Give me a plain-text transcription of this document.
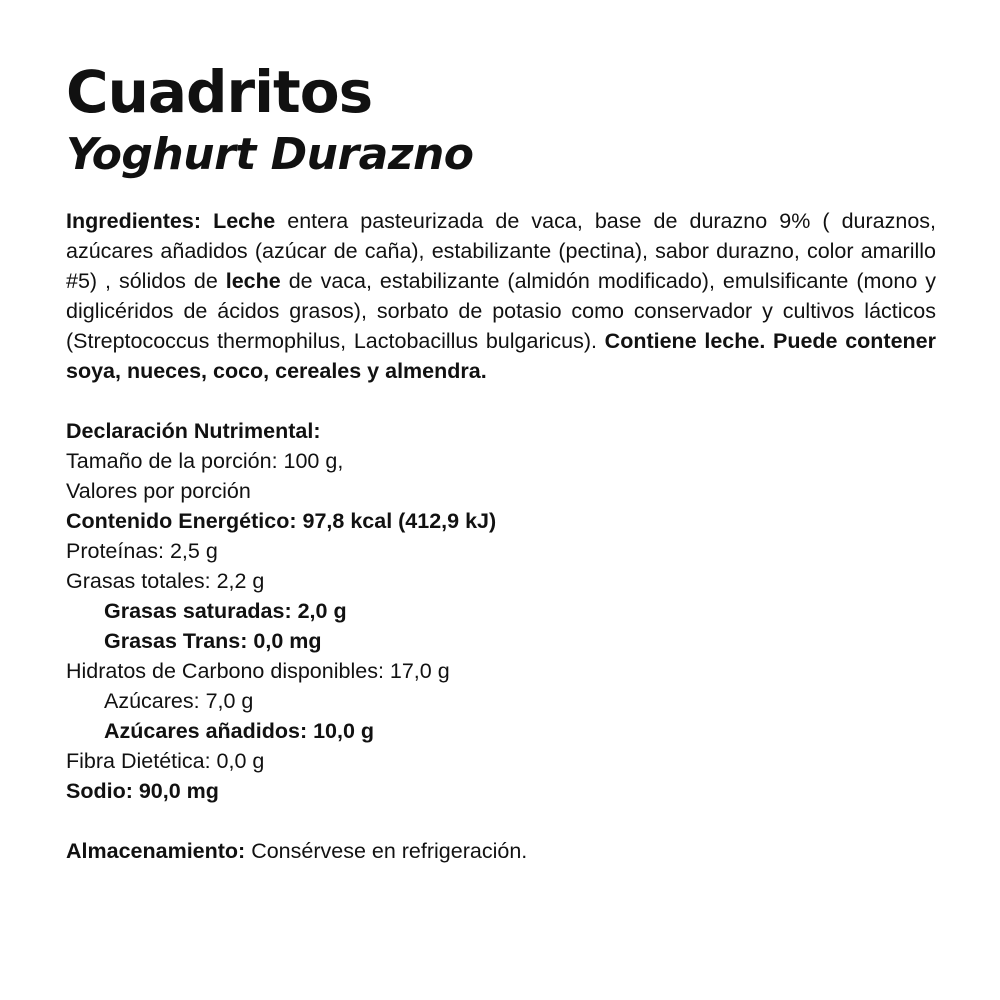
Cuadritos
Yoghurt Durazno
Ingredientes: Leche entera pasteurizada de vaca, base de durazno 9% ( duraznos, azúcares añadidos (azúcar de caña), estabilizante (pectina), sabor durazno, color amarillo #5) , sólidos de leche de vaca, estabilizante (almidón modificado), emulsificante (mono y diglicéridos de ácidos grasos), sorbato de potasio como conservador y cultivos lácticos (Streptococcus thermophilus, Lactobacillus bulgaricus). Contiene leche. Puede contener soya, nueces, coco, cereales y almendra.
Declaración Nutrimental:
Tamaño de la porción: 100 g,
Valores por porción
Contenido Energético: 97,8 kcal (412,9 kJ)
Proteínas: 2,5 g
Grasas totales: 2,2 g
Grasas saturadas: 2,0 g
Grasas Trans: 0,0 mg
Hidratos de Carbono disponibles: 17,0 g
Azúcares: 7,0 g
Azúcares añadidos: 10,0 g
Fibra Dietética: 0,0 g
Sodio: 90,0 mg
Almacenamiento: Consérvese en refrigeración.
